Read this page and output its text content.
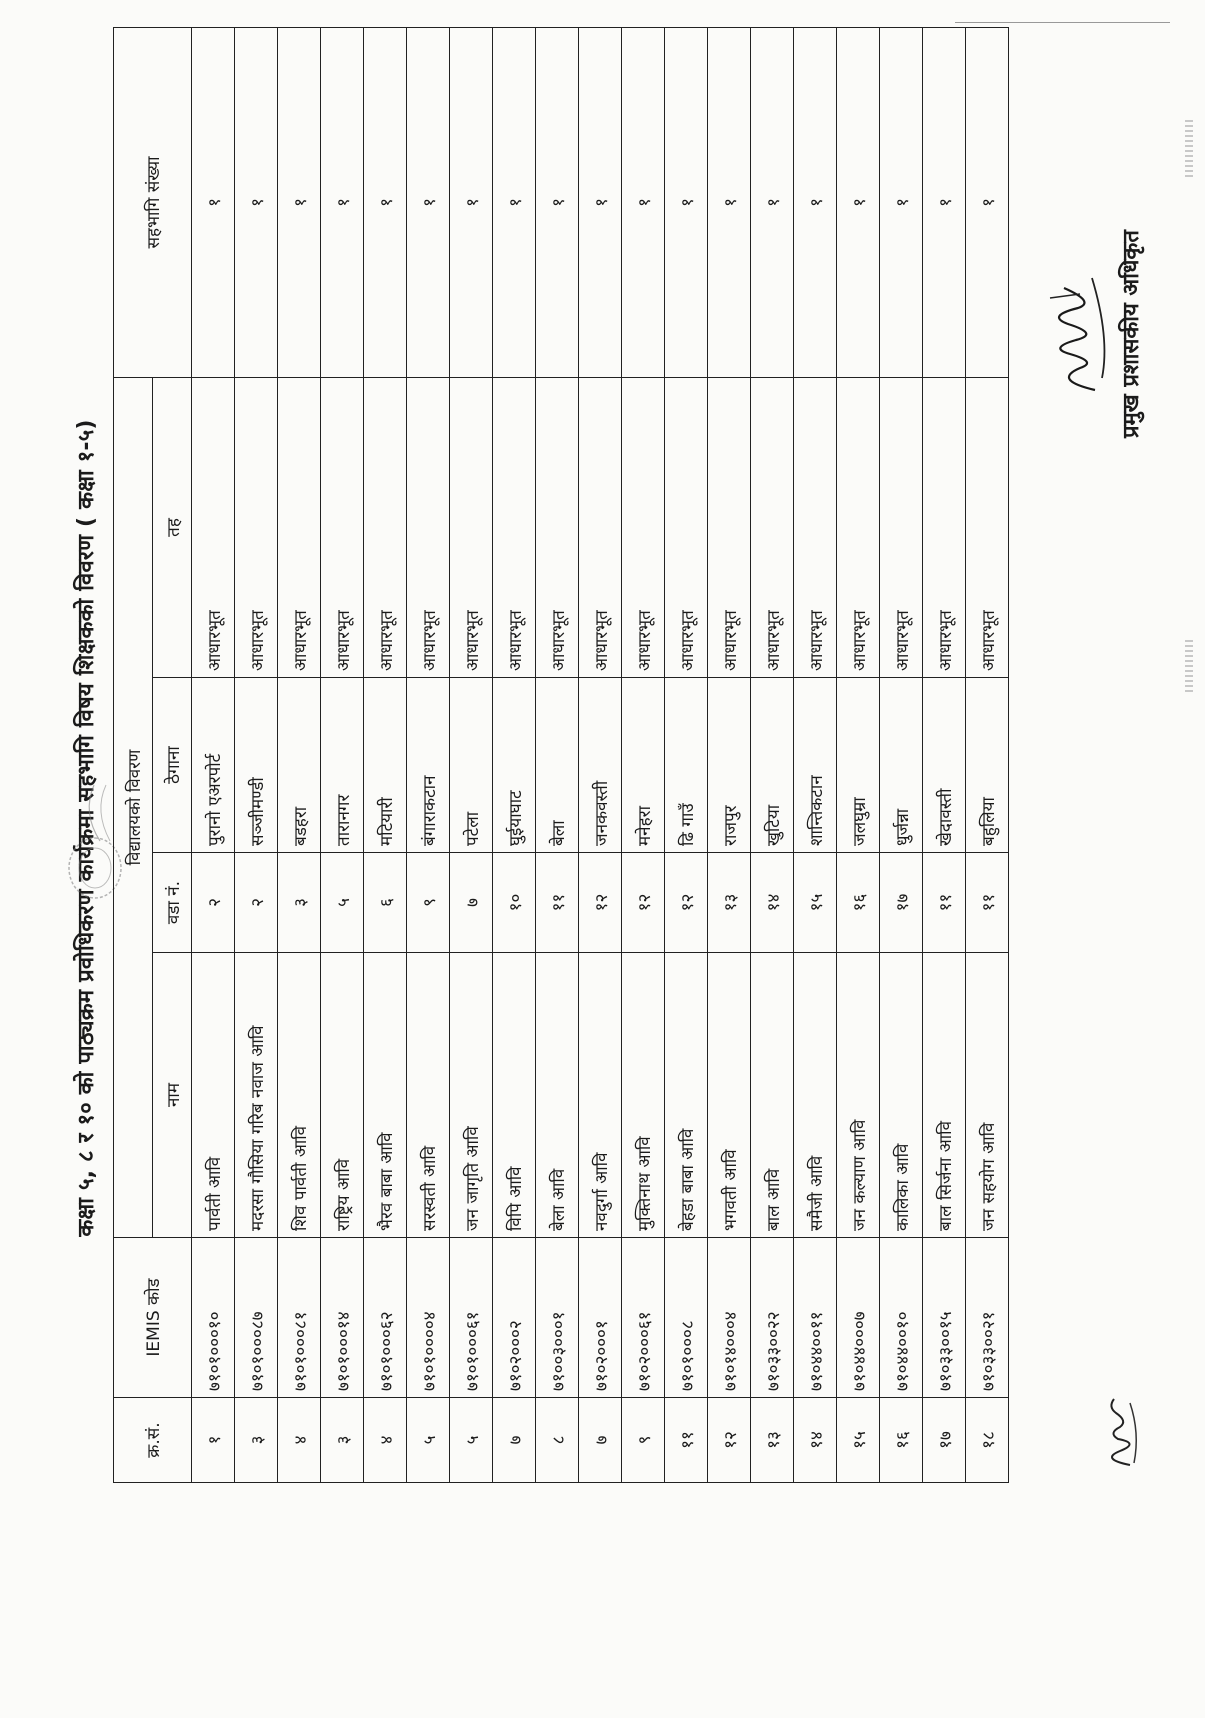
कक्षा ५, ८ र १० को पाठ्यक्रम प्रवोधिकरण कार्यक्रमा सहभागि विषय शिक्षकको विवरण ( कक्षा १-५)
क्र.सं.	IEMIS कोड	विद्यालयको विवरण				सहभागि संख्या
		नाम	वडा नं.	ठेगाना	तह	
१	७१०१०००१०	पार्वती आवि	२	पुरानो एअरपोर्ट	आधारभूत	१
३	७१०१०००८७	मदरसा गौसिया गरिब नवाज आवि	२	सञ्जीमण्डी	आधारभूत	१
४	७१०१०००८१	शिव पार्वती आवि	३	बडहरा	आधारभूत	१
३	७१०१०००१४	राष्ट्रिय आवि	५	तारानगर	आधारभूत	१
४	७१०१०००६२	भैरव बाबा आवि	६	मटियारी	आधारभूत	१
५	७१०१००००४	सरस्वती आवि	९	बंगाराकटान	आधारभूत	१
५	७१०१०००६१	जन जागृति आवि	७	पटेला	आधारभूत	१
७	७१०२०००२	विपि आवि	१०	घुईयाघाट	आधारभूत	१
८	७१००३०००१	बेला आवि	११	बेला	आधारभूत	१
७	७१०२०००१	नवदुर्गा आवि	१२	जनकवस्ती	आधारभूत	१
९	७१०२०००६१	मुक्तिनाथ आवि	१२	मनेहरा	आधारभूत	१
११	७१०१०००८	बेहडा बाबा आवि	१२	ढि गाउँ	आधारभूत	१
१२	७१०१४०००४	भगवती आवि	१३	राजपुर	आधारभूत	१
१३	७१०३३००२२	बाल आवि	१४	खुटिया	आधारभूत	१
१४	७१०४४००११	समैजी आवि	१५	शान्तिकटान	आधारभूत	१
१५	७१०४४०००७	जन कल्याण आवि	१६	जलघुम्रा	आधारभूत	१
१६	७१०४४००१०	कालिका आवि	१७	धुर्जन्ना	आधारभूत	१
१७	७१०३३००१५	बाल सिर्जना आवि	११	खेदावस्ती	आधारभूत	१
१८	७१०३३००२१	जन सहयोग आवि	११	बहुलिया	आधारभूत	१
प्रमुख प्रशासकीय अधिकृत
